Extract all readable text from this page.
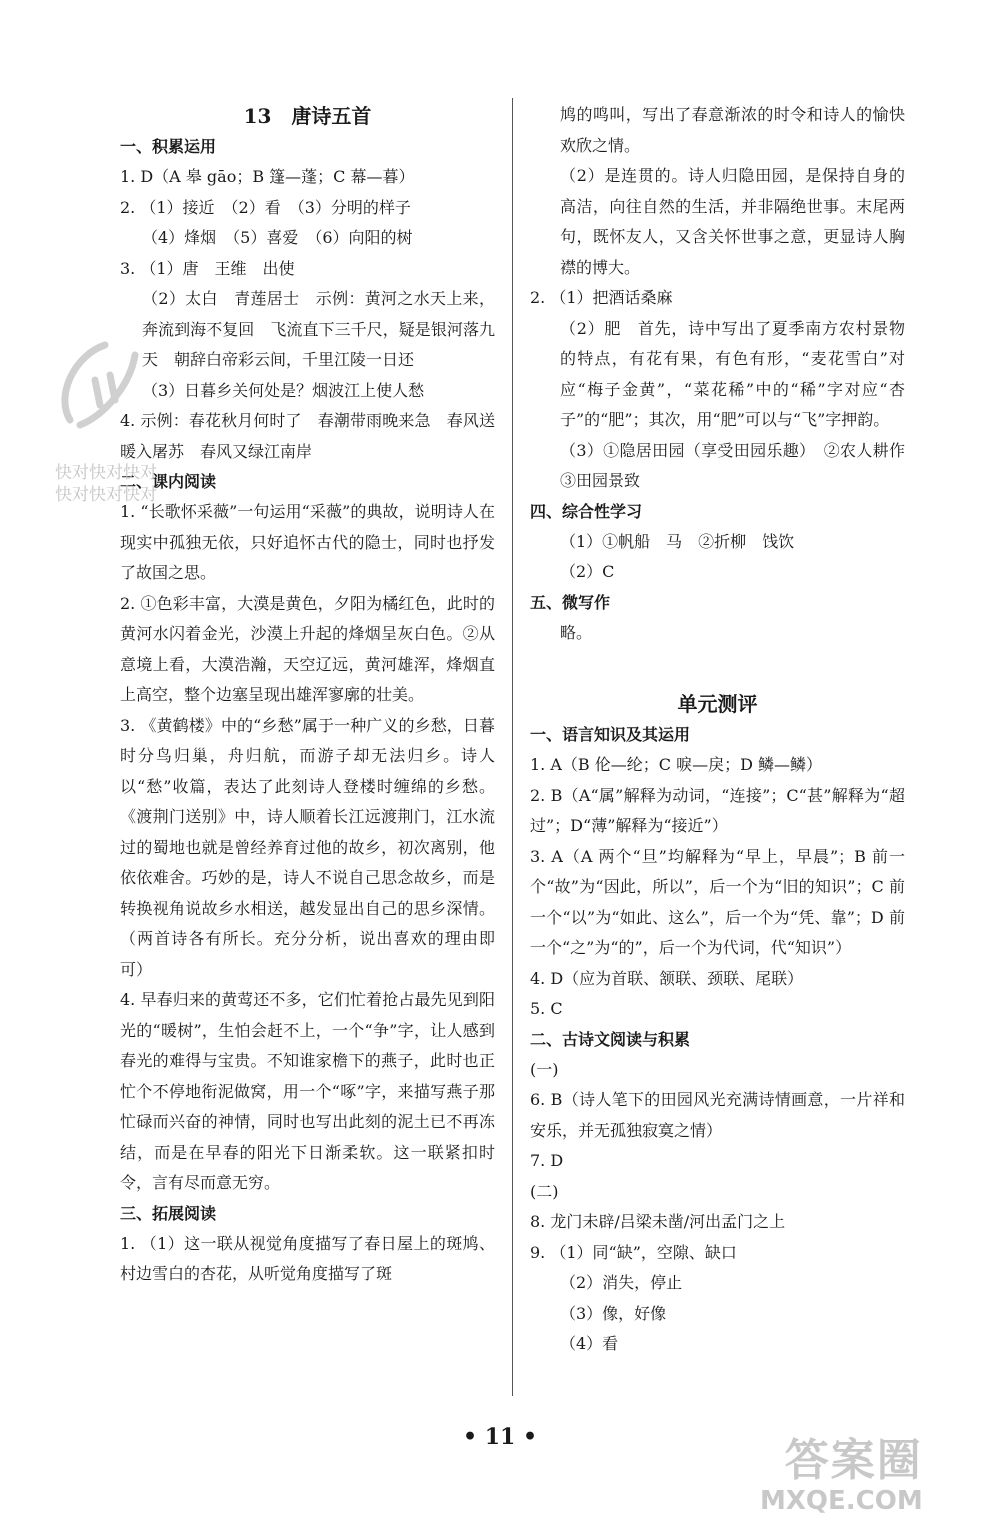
13　唐诗五首
一、积累运用
1. D（A 皋 gāo；B 篷—蓬；C 幕—暮）
2. （1）接近　（2）看　（3）分明的样子
（4）烽烟　（5）喜爱　（6）向阳的树
3. （1）唐　王维　出使
（2）太白　青莲居士　示例：黄河之水天上来，奔流到海不复回　飞流直下三千尺，疑是银河落九天　朝辞白帝彩云间，千里江陵一日还
（3）日暮乡关何处是？烟波江上使人愁
4. 示例：春花秋月何时了　春潮带雨晚来急　春风送暖入屠苏　春风又绿江南岸
二、课内阅读
1. “长歌怀采薇”一句运用“采薇”的典故，说明诗人在现实中孤独无依，只好追怀古代的隐士，同时也抒发了故国之思。
2. ①色彩丰富，大漠是黄色，夕阳为橘红色，此时的黄河水闪着金光，沙漠上升起的烽烟呈灰白色。②从意境上看，大漠浩瀚，天空辽远，黄河雄浑，烽烟直上高空，整个边塞呈现出雄浑寥廓的壮美。
3. 《黄鹤楼》中的“乡愁”属于一种广义的乡愁，日暮时分鸟归巢，舟归航，而游子却无法归乡。诗人以“愁”收篇，表达了此刻诗人登楼时缠绵的乡愁。《渡荆门送别》中，诗人顺着长江远渡荆门，江水流过的蜀地也就是曾经养育过他的故乡，初次离别，他依依难舍。巧妙的是，诗人不说自己思念故乡，而是转换视角说故乡水相送，越发显出自己的思乡深情。（两首诗各有所长。充分分析，说出喜欢的理由即可）
4. 早春归来的黄莺还不多，它们忙着抢占最先见到阳光的“暖树”，生怕会赶不上，一个“争”字，让人感到春光的难得与宝贵。不知谁家檐下的燕子，此时也正忙个不停地衔泥做窝，用一个“啄”字，来描写燕子那忙碌而兴奋的神情，同时也写出此刻的泥土已不再冻结，而是在早春的阳光下日渐柔软。这一联紧扣时令，言有尽而意无穷。
三、拓展阅读
1. （1）这一联从视觉角度描写了春日屋上的斑鸠、村边雪白的杏花，从听觉角度描写了斑
鸠的鸣叫，写出了春意渐浓的时令和诗人的愉快欢欣之情。
（2）是连贯的。诗人归隐田园，是保持自身的高洁，向往自然的生活，并非隔绝世事。末尾两句，既怀友人，又含关怀世事之意，更显诗人胸襟的博大。
2. （1）把酒话桑麻
（2）肥　首先，诗中写出了夏季南方农村景物的特点，有花有果，有色有形，“麦花雪白”对应“梅子金黄”，“菜花稀”中的“稀”字对应“杏子”的“肥”；其次，用“肥”可以与“飞”字押韵。
（3）①隐居田园（享受田园乐趣）　②农人耕作　③田园景致
四、综合性学习
（1）①帆船　马　②折柳　饯饮
（2）C
五、微写作
略。
单元测评
一、语言知识及其运用
1. A（B 伦—纶；C 唳—戾；D 鳞—鳞）
2. B（A“属”解释为动词，“连接”；C“甚”解释为“超过”；D“薄”解释为“接近”）
3. A（A 两个“旦”均解释为“早上，早晨”；B 前一个“故”为“因此，所以”，后一个为“旧的知识”；C 前一个“以”为“如此、这么”，后一个为“凭、靠”；D 前一个“之”为“的”，后一个为代词，代“知识”）
4. D（应为首联、颔联、颈联、尾联）
5. C
二、古诗文阅读与积累
(一)
6. B（诗人笔下的田园风光充满诗情画意，一片祥和安乐，并无孤独寂寞之情）
7. D
(二)
8. 龙门未辟/吕梁未凿/河出孟门之上
9. （1）同“缺”，空隙、缺口
（2）消失，停止
（3）像，好像
（4）看
• 11 •
快对快对快对
快对快对快对
答案圈
MXQE.COM
